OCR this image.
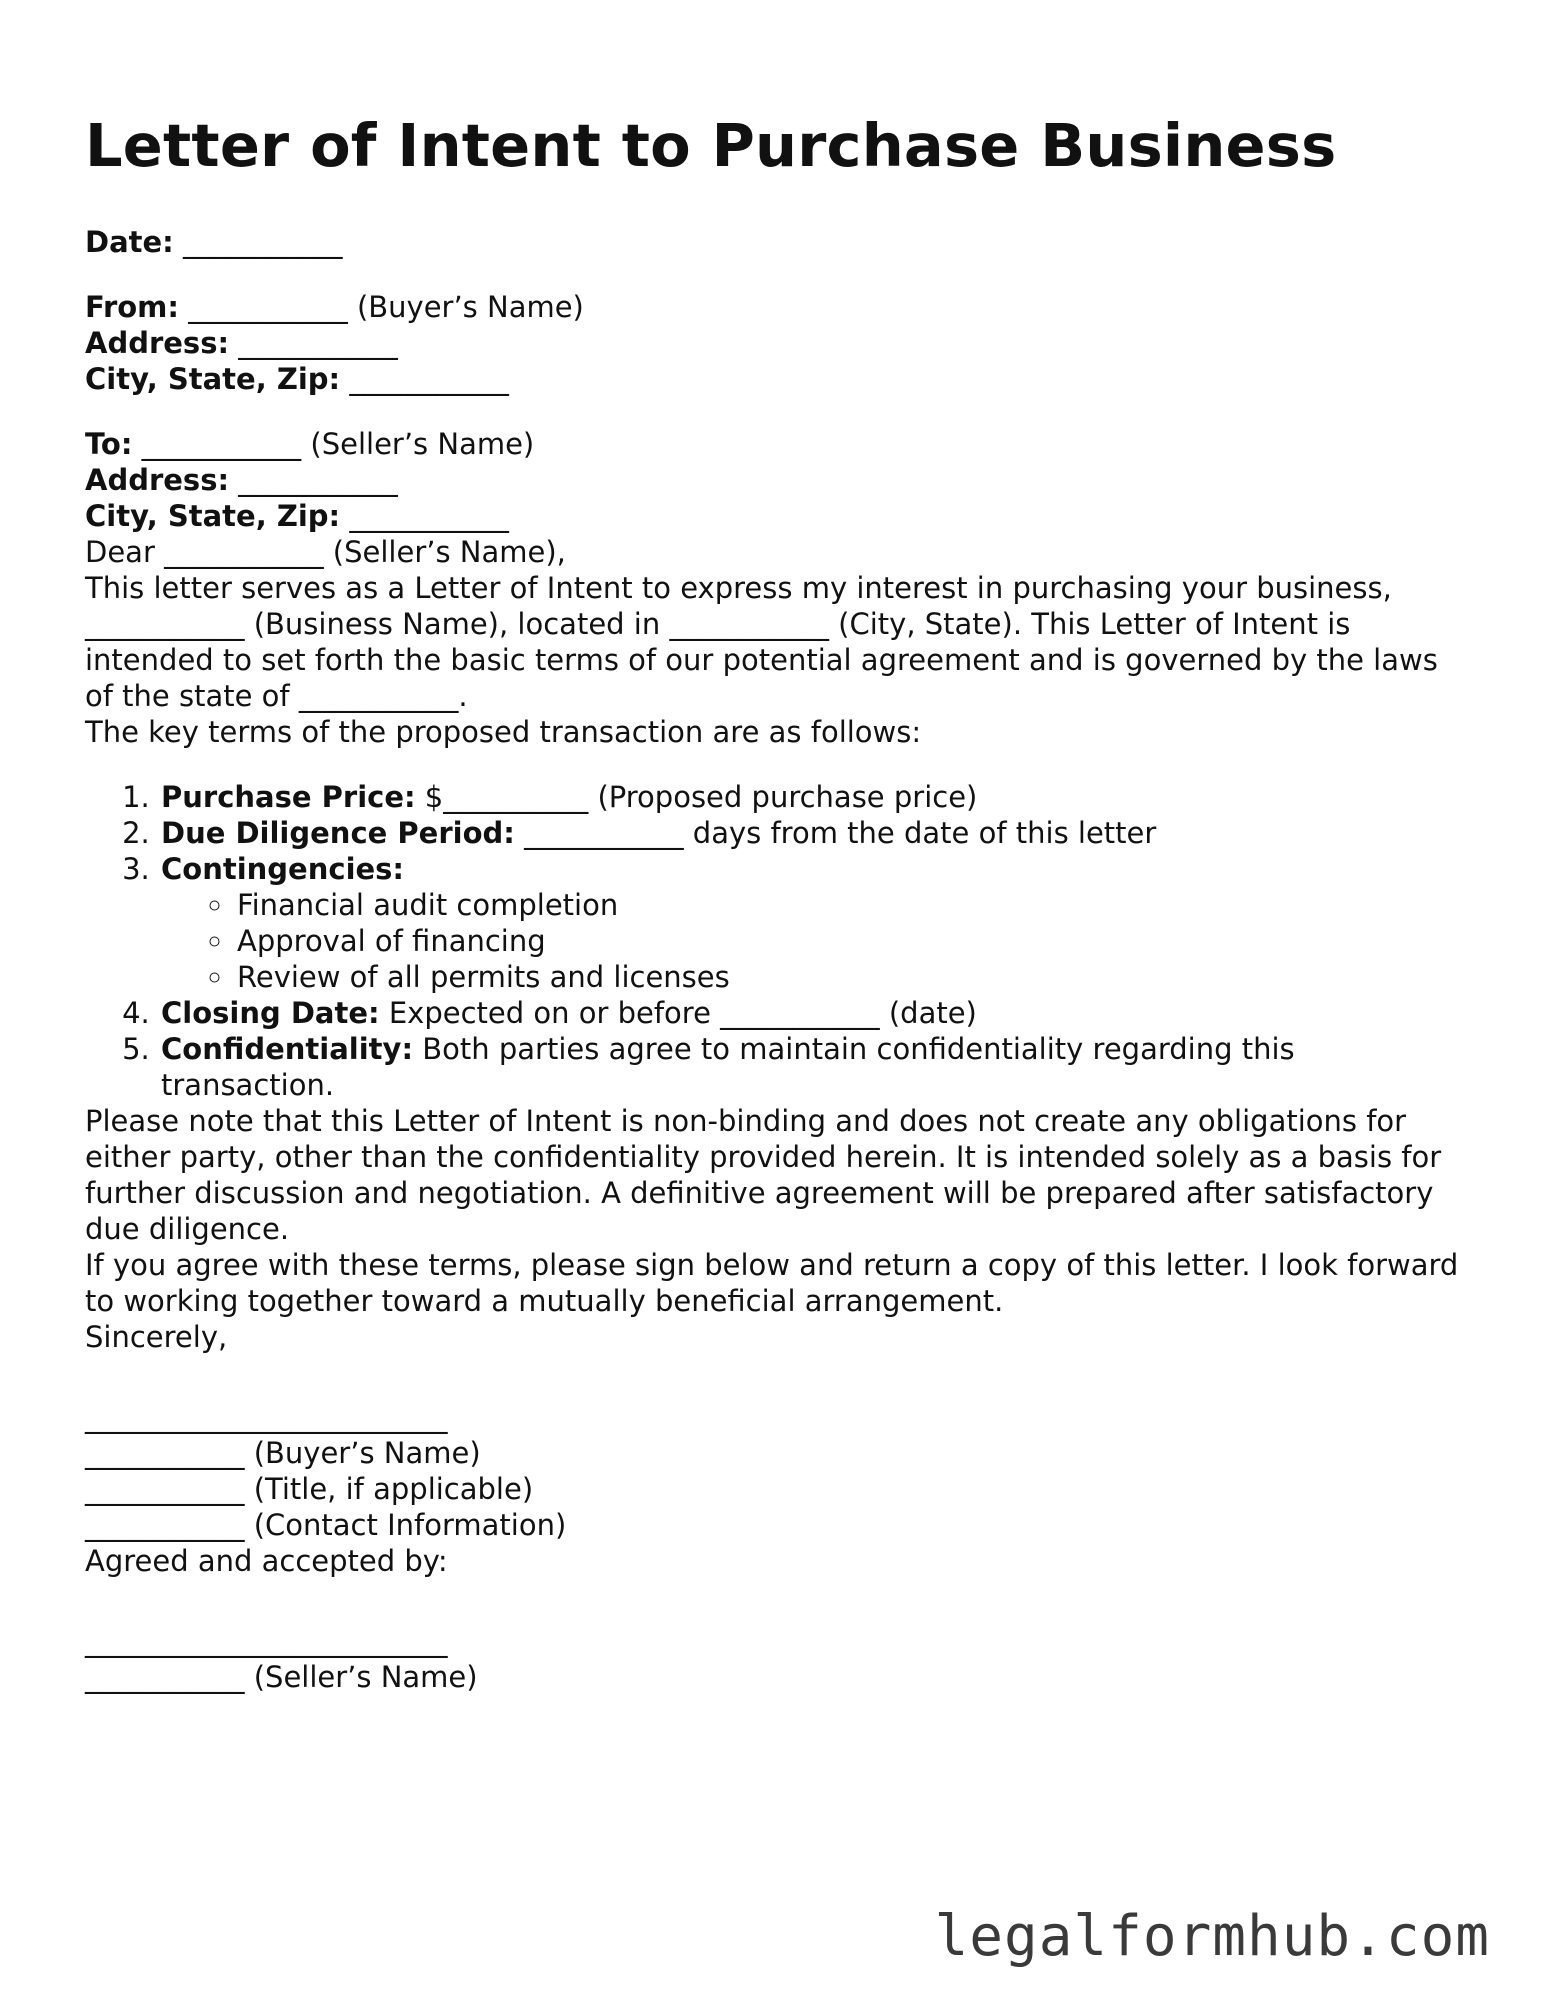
Letter of Intent to Purchase Business
Date: ___________

From: ___________ (Buyer’s Name)

Address: ___________

City, State, Zip: ___________

To: ___________ (Seller’s Name)

Address: ___________

City, State, Zip: ___________

Dear ___________ (Seller’s Name),

This letter serves as a Letter of Intent to express my interest in purchasing your business, ___________ (Business Name), located in ___________ (City, State). This Letter of Intent is intended to set forth the basic terms of our potential agreement and is governed by the laws of the state of ___________.

The key terms of the proposed transaction are as follows:

1. Purchase Price: $__________ (Proposed purchase price)
2. Due Diligence Period: ___________ days from the date of this letter
3. Contingencies:
◦ Financial audit completion
◦ Approval of financing
◦ Review of all permits and licenses
4. Closing Date: Expected on or before ___________ (date)
5. Confidentiality: Both parties agree to maintain confidentiality regarding this transaction.

Please note that this Letter of Intent is non-binding and does not create any obligations for either party, other than the confidentiality provided herein. It is intended solely as a basis for further discussion and negotiation. A definitive agreement will be prepared after satisfactory due diligence.

If you agree with these terms, please sign below and return a copy of this letter. I look forward to working together toward a mutually beneficial arrangement.

Sincerely,

_________________________

___________ (Buyer’s Name)

___________ (Title, if applicable)

___________ (Contact Information)

Agreed and accepted by:

_________________________

___________ (Seller’s Name)

legalformhub.com
